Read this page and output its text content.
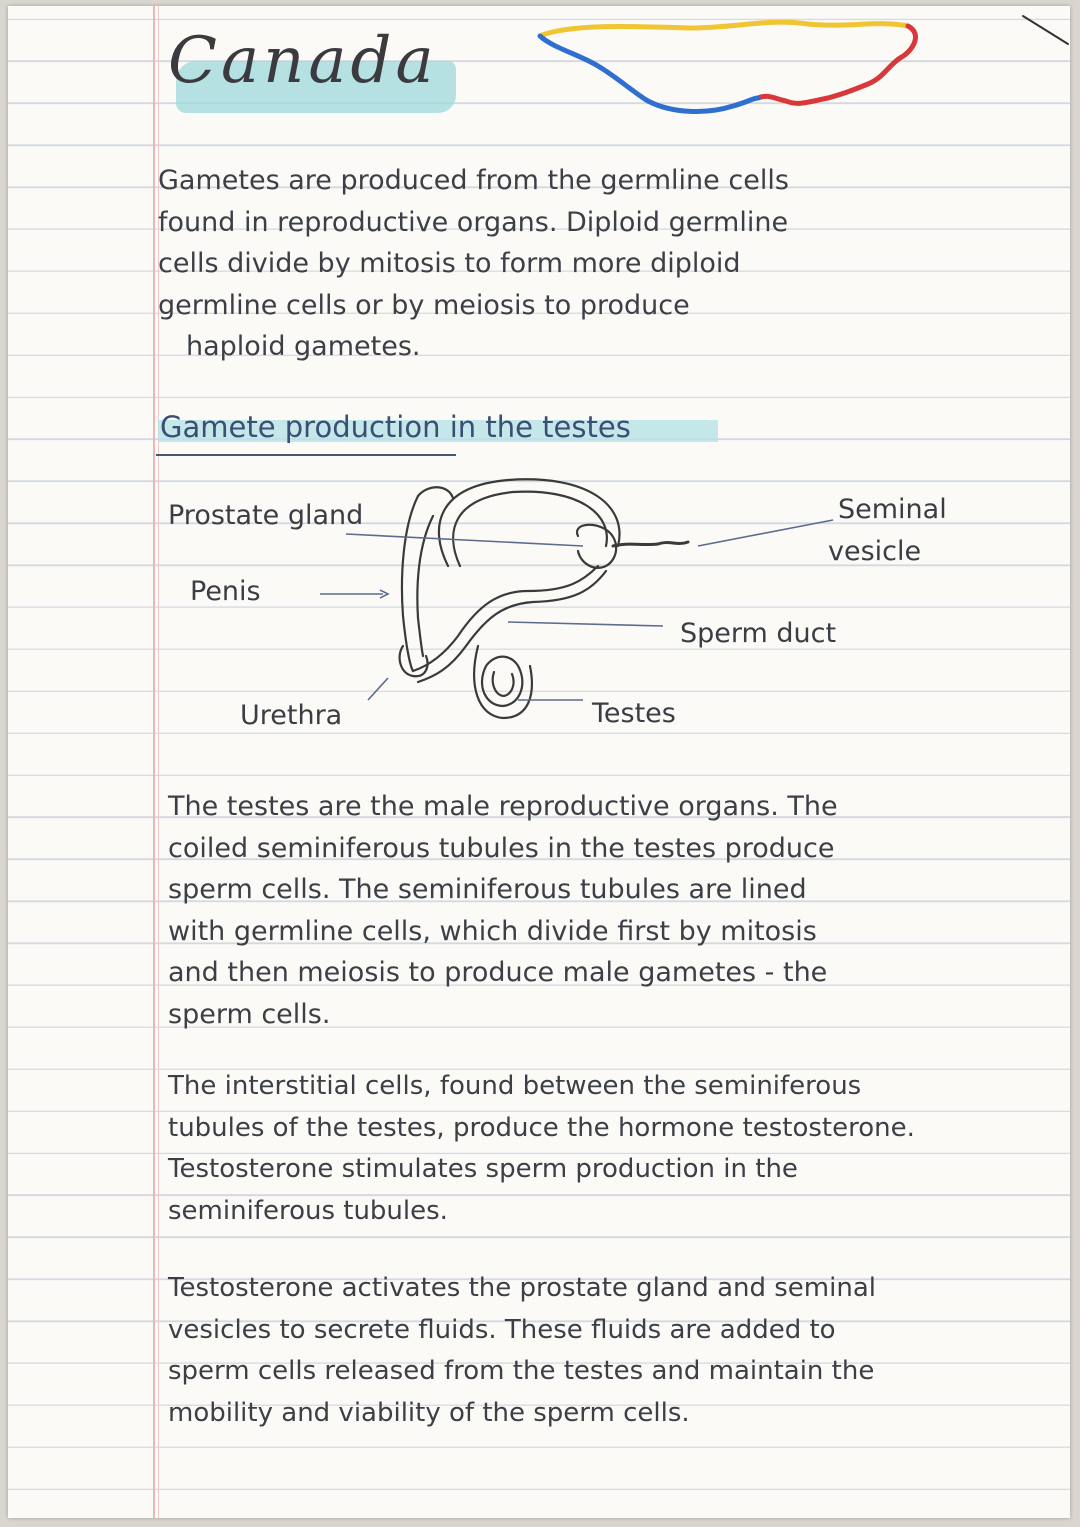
Canada
Gametes are produced from the germline cells
found in reproductive organs. Diploid germline
cells divide by mitosis to form more diploid
germline cells or by meiosis to produce
haploid gametes.
Gamete production in the testes
Prostate gland
Penis
Urethra
Seminal
vesicle
Sperm duct
Testes
The testes are the male reproductive organs. The
coiled seminiferous tubules in the testes produce
sperm cells. The seminiferous tubules are lined
with germline cells, which divide first by mitosis
and then meiosis to produce male gametes - the
sperm cells.
The interstitial cells, found between the seminiferous
tubules of the testes, produce the hormone testosterone.
Testosterone stimulates sperm production in the
seminiferous tubules.
Testosterone activates the prostate gland and seminal
vesicles to secrete fluids. These fluids are added to
sperm cells released from the testes and maintain the
mobility and viability of the sperm cells.
